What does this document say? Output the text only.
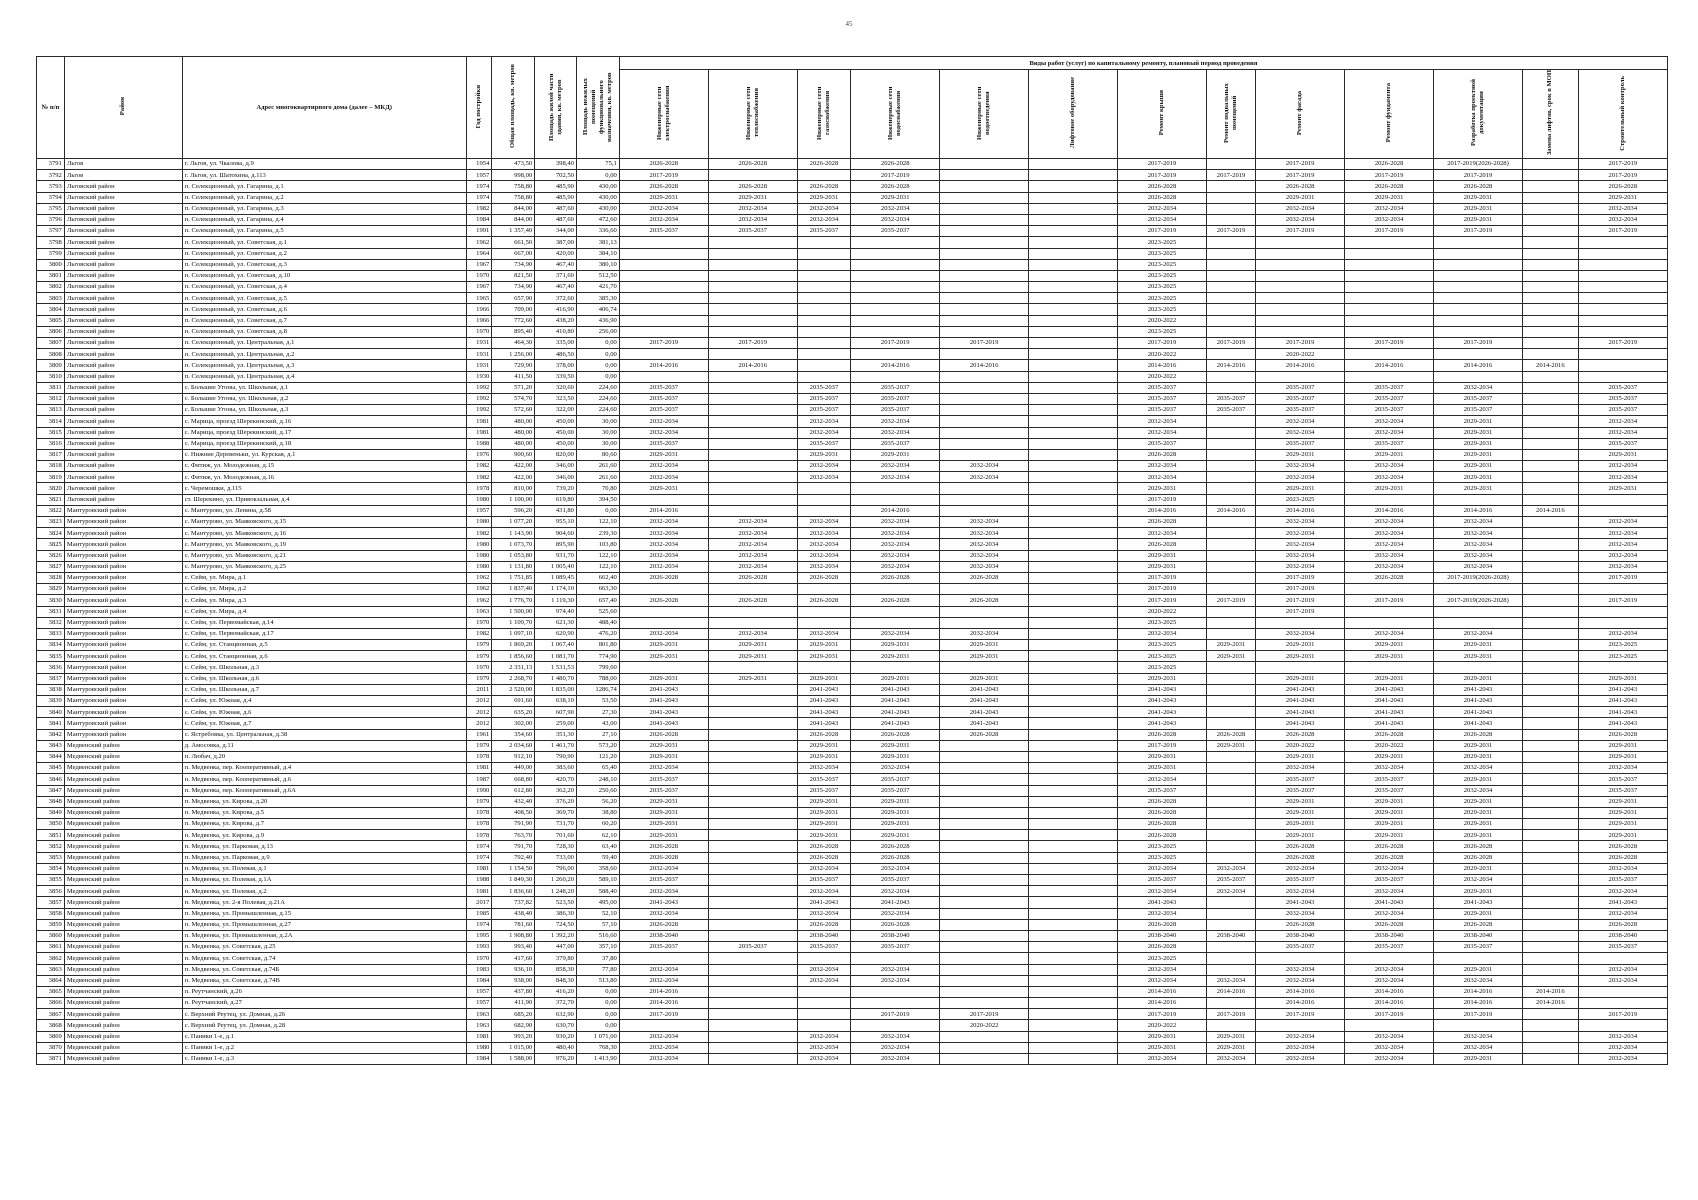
45
№ п/п	Район	Адрес многоквартирного дома (далее – МКД)	Год постройки	Общая площадь, кв. метров	Площадь жилой части здания, кв. метров	Площадь нежилых помещений функционального назначения, кв. метров	Виды работ (услуг) по капитальному ремонту, плановый период проведения												
							Инженерные сети электроснабжения	Инженерные сети теплоснабжения	Инженерные сети газоснабжения	Инженерные сети водоснабжения	Инженерные сети водоотведения	Лифтовое оборудование	Ремонт крыши	Ремонт подвальных помещений	Ремонт фасада	Ремонт фундамента	Разработка проектной документации	Замена лифтов, срок в МОП	Строительный контроль
3791	Льгов	г. Льгов, ул. Чкалова, д.9	1954	473,50	398,40	75,1	2026-2028	2026-2028	2026-2028	2026-2028			2017-2019		2017-2019	2026-2028	2017-2019(2026-2028)		2017-2019
3792	Льгов	г. Льгов, ул. Шатохина, д.113	1957	998,00	702,50	0,00	2017-2019			2017-2019			2017-2019	2017-2019	2017-2019	2017-2019	2017-2019		2017-2019
3793	Льговский район	п. Селекционный, ул. Гагарина, д.1	1974	758,80	485,90	430,00	2026-2028	2026-2028	2026-2028	2026-2028			2026-2028		2026-2028	2026-2028	2026-2028		2026-2028
3794	Льговский район	п. Селекционный, ул. Гагарина, д.2	1974	758,80	485,90	430,00	2029-2031	2029-2031	2029-2031	2029-2031			2026-2028		2029-2031	2029-2031	2029-2031		2029-2031
3795	Льговский район	п. Селекционный, ул. Гагарина, д.3	1982	844,00	487,60	430,00	2032-2034	2032-2034	2032-2034	2032-2034			2032-2034		2032-2034	2032-2034	2029-2031		2032-2034
3796	Льговский район	п. Селекционный, ул. Гагарина, д.4	1984	844,00	487,60	472,60	2032-2034	2032-2034	2032-2034	2032-2034			2032-2034		2032-2034	2032-2034	2029-2031		2032-2034
3797	Льговский район	п. Селекционный, ул. Гагарина, д.5	1991	1 357,40	344,00	336,60	2035-2037	2035-2037	2035-2037	2035-2037			2017-2019	2017-2019	2017-2019	2017-2019	2017-2019		2017-2019
3798	Льговский район	п. Селекционный, ул. Советская, д.1	1962	661,50	387,00	381,13							2023-2025						
3799	Льговский район	п. Селекционный, ул. Советская, д.2	1964	667,00	420,00	384,10							2023-2025						
3800	Льговский район	п. Селекционный, ул. Советская, д.3	1967	734,90	467,40	380,10							2023-2025						
3801	Льговский район	п. Селекционный, ул. Советская, д.10	1970	821,50	371,60	512,50							2023-2025						
3802	Льговский район	п. Селекционный, ул. Советская, д.4	1967	734,90	467,40	421,70							2023-2025						
3803	Льговский район	п. Селекционный, ул. Советская, д.5	1965	657,90	372,60	385,30							2023-2025						
3804	Льговский район	п. Селекционный, ул. Советская, д.6	1966	709,00	416,90	406,74							2023-2025						
3805	Льговский район	п. Селекционный, ул. Советская, д.7	1966	772,60	438,20	436,90							2020-2022						
3806	Льговский район	п. Селекционный, ул. Советская, д.8	1970	895,40	410,80	256,00							2023-2025						
3807	Льговский район	п. Селекционный, ул. Центральная, д.1	1931	464,30	335,00	0,00	2017-2019	2017-2019		2017-2019	2017-2019		2017-2019	2017-2019	2017-2019	2017-2019	2017-2019		2017-2019
3808	Льговский район	п. Селекционный, ул. Центральная, д.2	1931	1 256,00	486,50	0,00							2020-2022		2020-2022				
3809	Льговский район	п. Селекционный, ул. Центральная, д.3	1931	729,90	378,00	0,00	2014-2016	2014-2016		2014-2016	2014-2016		2014-2016	2014-2016	2014-2016	2014-2016	2014-2016	2014-2016	
3810	Льговский район	п. Селекционный, ул. Центральная, д.4	1930	411,50	339,50	0,00							2020-2022						
3811	Льговский район	с. Большие Угоны, ул. Школьная, д.1	1992	571,20	320,60	224,60	2035-2037		2035-2037	2035-2037			2035-2037		2035-2037	2035-2037	2032-2034		2035-2037
3812	Льговский район	с. Большие Угоны, ул. Школьная, д.2	1992	574,70	323,50	224,60	2035-2037		2035-2037	2035-2037			2035-2037	2035-2037	2035-2037	2035-2037	2035-2037		2035-2037
3813	Льговский район	с. Большие Угоны, ул. Школьная, д.3	1992	572,60	322,00	224,60	2035-2037		2035-2037	2035-2037			2035-2037	2035-2037	2035-2037	2035-2037	2035-2037		2035-2037
3814	Льговский район	с. Марица, проезд Шерекинский, д.16	1981	480,00	450,00	30,00	2032-2034		2032-2034	2032-2034			2032-2034		2032-2034	2032-2034	2029-2031		2032-2034
3815	Льговский район	с. Марица, проезд Шерекинский, д.17	1981	480,00	450,00	30,00	2032-2034		2032-2034	2032-2034			2032-2034		2032-2034	2032-2034	2029-2031		2032-2034
3816	Льговский район	с. Марица, проезд Шерекинский, д.18	1988	480,00	450,00	30,00	2035-2037		2035-2037	2035-2037			2035-2037		2035-2037	2035-2037	2029-2031		2035-2037
3817	Льговский район	с. Нижние Деревеньки, ул. Курская, д.1	1976	900,60	820,00	80,60	2029-2031		2029-2031	2029-2031			2026-2028		2029-2031	2029-2031	2029-2031		2029-2031
3818	Льговский район	с. Фитиж, ул. Молодежная, д.15	1982	422,00	346,00	261,60	2032-2034		2032-2034	2032-2034	2032-2034		2032-2034		2032-2034	2032-2034	2029-2031		2032-2034
3819	Льговский район	с. Фитиж, ул. Молодежная, д.16	1982	422,00	346,00	261,60	2032-2034		2032-2034	2032-2034	2032-2034		2032-2034		2032-2034	2032-2034	2029-2031		2032-2034
3820	Льговский район	с. Черемошки, д.115	1978	810,00	739,20	70,80	2029-2031						2029-2031		2029-2031	2029-2031	2029-2031		2029-2031
3821	Льговский район	ст. Шерекино, ул. Привокзальная, д.4	1980	1 100,00	619,80	394,50							2017-2019		2023-2025				
3822	Мантуровский район	с. Мантурово, ул. Ленина, д.58	1957	596,20	431,80	0,00	2014-2016			2014-2016			2014-2016	2014-2016	2014-2016	2014-2016	2014-2016	2014-2016	
3823	Мантуровский район	с. Мантурово, ул. Маяковского, д.15	1980	1 077,20	955,10	122,10	2032-2034	2032-2034	2032-2034	2032-2034	2032-2034		2026-2028		2032-2034	2032-2034	2032-2034		2032-2034
3824	Мантуровский район	с. Мантурово, ул. Маяковского, д.16	1982	1 143,90	904,60	239,30	2032-2034	2032-2034	2032-2034	2032-2034	2032-2034		2032-2034		2032-2034	2032-2034	2032-2034		2032-2034
3825	Мантуровский район	с. Мантурово, ул. Маяковского, д.19	1980	1 073,70	895,90	103,80	2032-2034	2032-2034	2032-2034	2032-2034	2032-2034		2026-2028		2032-2034	2032-2034	2032-2034		2032-2034
3826	Мантуровский район	с. Мантурово, ул. Маяковского, д.21	1980	1 053,80	931,70	122,10	2032-2034	2032-2034	2032-2034	2032-2034	2032-2034		2029-2031		2032-2034	2032-2034	2032-2034		2032-2034
3827	Мантуровский район	с. Мантурово, ул. Маяковского, д.25	1980	1 131,80	1 005,40	122,10	2032-2034	2032-2034	2032-2034	2032-2034	2032-2034		2029-2031		2032-2034	2032-2034	2032-2034		2032-2034
3828	Мантуровский район	с. Сейм, ул. Мира, д.1	1962	1 751,85	1 089,45	662,40	2026-2028	2026-2028	2026-2028	2026-2028	2026-2028		2017-2019		2017-2019	2026-2028	2017-2019(2026-2028)		2017-2019
3829	Мантуровский район	с. Сейм, ул. Мира, д.2	1962	1 837,40	1 174,10	663,30							2017-2019		2017-2019				
3830	Мантуровский район	с. Сейм, ул. Мира, д.3	1962	1 776,70	1 119,30	657,40	2026-2028	2026-2028	2026-2028	2026-2028	2026-2028		2017-2019	2017-2019	2017-2019	2017-2019	2017-2019(2026-2028)		2017-2019
3831	Мантуровский район	с. Сейм, ул. Мира, д.4	1963	1 500,00	974,40	525,60							2020-2022		2017-2019				
3832	Мантуровский район	с. Сейм, ул. Первомайская, д.14	1970	1 109,70	621,30	488,40							2023-2025						
3833	Мантуровский район	с. Сейм, ул. Первомайская, д.17	1982	1 097,10	620,90	476,20	2032-2034	2032-2034	2032-2034	2032-2034	2032-2034		2032-2034		2032-2034	2032-2034	2032-2034		2032-2034
3834	Мантуровский район	с. Сейм, ул. Станционная, д.5	1979	1 869,20	1 067,40	801,80	2029-2031	2029-2031	2029-2031	2029-2031	2029-2031		2023-2025	2029-2031	2029-2031	2029-2031	2029-2031		2023-2025
3835	Мантуровский район	с. Сейм, ул. Станционная, д.6	1979	1 856,60	1 081,70	774,90	2029-2031	2029-2031	2029-2031	2029-2031	2029-2031		2023-2025	2029-2031	2029-2031	2029-2031	2029-2031		2023-2025
3836	Мантуровский район	с. Сейм, ул. Школьная, д.3	1970	2 331,13	1 531,53	799,60							2023-2025						
3837	Мантуровский район	с. Сейм, ул. Школьная, д.6	1979	2 268,70	1 480,70	788,00	2029-2031	2029-2031	2029-2031	2029-2031	2029-2031		2029-2031		2029-2031	2029-2031	2029-2031		2029-2031
3838	Мантуровский район	с. Сейм, ул. Школьная, д.7	2011	2 520,00	1 835,00	1286,74	2041-2043		2041-2043	2041-2043	2041-2043		2041-2043		2041-2043	2041-2043	2041-2043		2041-2043
3839	Мантуровский район	с. Сейм, ул. Южная, д.4	2012	691,60	638,10	53,50	2041-2043		2041-2043	2041-2043	2041-2043		2041-2043		2041-2043	2041-2043	2041-2043		2041-2043
3840	Мантуровский район	с. Сейм, ул. Южная, д.6	2012	635,20	607,90	27,30	2041-2043		2041-2043	2041-2043	2041-2043		2041-2043		2041-2043	2041-2043	2041-2043		2041-2043
3841	Мантуровский район	с. Сейм, ул. Южная, д.7	2012	302,00	259,00	43,00	2041-2043		2041-2043	2041-2043	2041-2043		2041-2043		2041-2043	2041-2043	2041-2043		2041-2043
3842	Мантуровский район	с. Ястребовка, ул. Центральная, д.38	1961	354,60	351,30	27,10	2026-2028		2026-2028	2026-2028	2026-2028		2026-2028	2026-2028	2026-2028	2026-2028	2026-2028		2026-2028
3843	Медвенский район	д. Амосовка, д.11	1979	2 034,60	1 461,70	573,20	2029-2031		2029-2031	2029-2031			2017-2019	2029-2031	2020-2022	2020-2022	2029-2031		2029-2031
3844	Медвенский район	п. Любач, д.20	1978	912,10	790,90	121,20	2029-2031		2029-2031	2029-2031			2029-2031		2029-2031	2029-2031	2029-2031		2029-2031
3845	Медвенский район	п. Медвенка, пер. Кооперативный, д.4	1981	449,00	383,60	65,40	2032-2034		2032-2034	2032-2034			2029-2031		2032-2034	2032-2034	2032-2034		2032-2034
3846	Медвенский район	п. Медвенка, пер. Кооперативный, д.6	1987	668,80	420,70	248,10	2035-2037		2035-2037	2035-2037			2032-2034		2035-2037	2035-2037	2029-2031		2035-2037
3847	Медвенский район	п. Медвенка, пер. Кооперативный, д.6А	1990	612,80	362,20	250,60	2035-2037		2035-2037	2035-2037			2035-2037		2035-2037	2035-2037	2032-2034		2035-2037
3848	Медвенский район	п. Медвенка, ул. Кирова, д.20	1979	432,40	376,20	56,20	2029-2031		2029-2031	2029-2031			2026-2028		2029-2031	2029-2031	2029-2031		2029-2031
3849	Медвенский район	п. Медвенка, ул. Кирова, д.5	1978	408,50	369,70	38,80	2029-2031		2029-2031	2029-2031			2026-2028		2029-2031	2029-2031	2029-2031		2029-2031
3850	Медвенский район	п. Медвенка, ул. Кирова, д.7	1978	791,90	731,70	60,20	2029-2031		2029-2031	2029-2031			2026-2028		2029-2031	2029-2031	2029-2031		2029-2031
3851	Медвенский район	п. Медвенка, ул. Кирова, д.9	1978	763,70	701,60	62,10	2029-2031		2029-2031	2029-2031			2026-2028		2029-2031	2029-2031	2029-2031		2029-2031
3852	Медвенский район	п. Медвенка, ул. Парковая, д.13	1974	791,70	728,30	63,40	2026-2028		2026-2028	2026-2028			2023-2025		2026-2028	2026-2028	2026-2028		2026-2028
3853	Медвенский район	п. Медвенка, ул. Парковая, д.9	1974	792,40	733,00	59,40	2026-2028		2026-2028	2026-2028			2023-2025		2026-2028	2026-2028	2026-2028		2026-2028
3854	Медвенский район	п. Медвенка, ул. Полевая, д.1	1981	1 154,50	796,00	358,60	2032-2034		2032-2034	2032-2034			2032-2034	2032-2034	2032-2034	2032-2034	2029-2031		2032-2034
3855	Медвенский район	п. Медвенка, ул. Полевая, д.1А	1988	1 849,30	1 260,20	589,10	2035-2037		2035-2037	2035-2037			2035-2037	2035-2037	2035-2037	2035-2037	2032-2034		2035-2037
3856	Медвенский район	п. Медвенка, ул. Полевая, д.2	1981	1 836,60	1 248,20	588,40	2032-2034		2032-2034	2032-2034			2032-2034	2032-2034	2032-2034	2032-2034	2029-2031		2032-2034
3857	Медвенский район	п. Медвенка, ул. 2-я Полевая, д.21А	2017	737,82	523,50	495,00	2041-2043		2041-2043	2041-2043			2041-2043		2041-2043	2041-2043	2041-2043		2041-2043
3858	Медвенский район	п. Медвенка, ул. Промышленная, д.15	1985	438,40	386,30	52,10	2032-2034		2032-2034	2032-2034			2032-2034		2032-2034	2032-2034	2029-2031		2032-2034
3859	Медвенский район	п. Медвенка, ул. Промышленная, д.27	1974	781,60	724,50	57,10	2026-2028		2026-2028	2026-2028			2026-2028		2026-2028	2026-2028	2026-2028		2026-2028
3860	Медвенский район	п. Медвенка, ул. Промышленная, д.2А	1995	1 908,80	1 392,20	516,60	2038-2040		2038-2040	2038-2040			2038-2040	2038-2040	2038-2040	2038-2040	2038-2040		2038-2040
3861	Медвенский район	п. Медвенка, ул. Советская, д.25	1993	993,40	447,00	357,10	2035-2037	2035-2037	2035-2037	2035-2037			2026-2028		2035-2037	2035-2037	2035-2037		2035-2037
3862	Медвенский район	п. Медвенка, ул. Советская, д.74	1970	417,60	379,80	37,80							2023-2025						
3863	Медвенский район	п. Медвенка, ул. Советская, д.74Б	1983	936,10	858,30	77,80	2032-2034		2032-2034	2032-2034			2032-2034		2032-2034	2032-2034	2029-2031		2032-2034
3864	Медвенский район	п. Медвенка, ул. Советская, д.74В	1984	938,00	848,30	513,80	2032-2034		2032-2034	2032-2034			2032-2034	2032-2034	2032-2034	2032-2034	2032-2034		2032-2034
3865	Медвенский район	п. Реутчанский, д.26	1957	437,80	416,20	0,00	2014-2016						2014-2016	2014-2016	2014-2016	2014-2016	2014-2016	2014-2016	
3866	Медвенский район	п. Реутчанский, д.27	1957	411,90	372,70	0,00	2014-2016						2014-2016		2014-2016	2014-2016	2014-2016	2014-2016	
3867	Медвенский район	с. Верхний Реутец, ул. Домная, д.26	1963	685,20	632,90	0,00	2017-2019			2017-2019	2017-2019		2017-2019	2017-2019	2017-2019	2017-2019	2017-2019		2017-2019
3868	Медвенский район	с. Верхний Реутец, ул. Домная, д.28	1963	682,90	630,70	0,00					2020-2022		2020-2022						
3869	Медвенский район	с. Паники 1-е, д.1	1981	993,20	930,20	1 071,00	2032-2034		2032-2034	2032-2034			2029-2031	2029-2031	2032-2034	2032-2034	2032-2034		2032-2034
3870	Медвенский район	с. Паники 1-е, д.2	1980	1 015,00	480,40	768,30	2032-2034		2032-2034	2032-2034			2029-2031	2029-2031	2032-2034	2032-2034	2032-2034		2032-2034
3871	Медвенский район	с. Паники 1-е, д.3	1984	1 588,00	976,20	1 413,90	2032-2034		2032-2034	2032-2034			2032-2034	2032-2034	2032-2034	2032-2034	2029-2031		2032-2034
